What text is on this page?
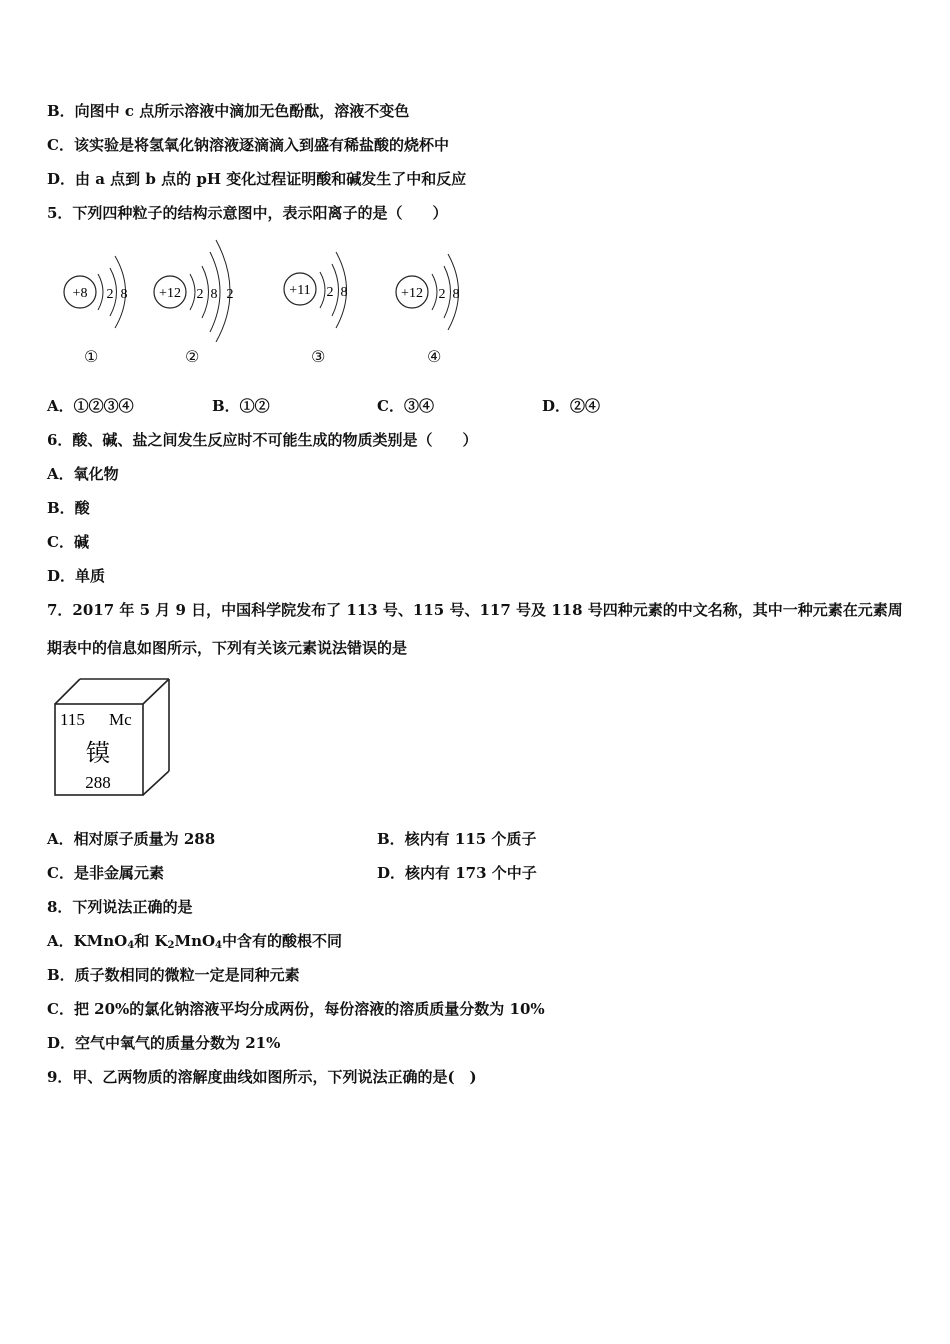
B．向图中 c 点所示溶液中滴加无色酚酞，溶液不变色
C．该实验是将氢氧化钠溶液逐滴滴入到盛有稀盐酸的烧杯中
D．由 a 点到 b 点的 pH 变化过程证明酸和碱发生了中和反应
5．下列四种粒子的结构示意图中，表示阳离子的是（　　）
+8 2 8 +12 2 8 2	+11 2 8	+12 2 8
①	②	③	④
A．①②③④	B．①②	C．③④	D．②④
6．酸、碱、盐之间发生反应时不可能生成的物质类别是（　　）
A．氧化物
B．酸
C．碱
D．单质
7．2017 年 5 月 9 日，中国科学院发布了 113 号、115 号、117 号及 118 号四种元素的中文名称，其中一种元素在元素周
期表中的信息如图所示，下列有关该元素说法错误的是
115 Mc
镆
288
A．相对原子质量为 288	B．核内有 115 个质子
C．是非金属元素	D．核内有 173 个中子
8．下列说法正确的是
A．KMnO$_4$和 $K_2MnO_4$中含有的酸根不同
B．质子数相同的微粒一定是同种元素
C．把 20%的氯化钠溶液平均分成两份，每份溶液的溶质质量分数为 10%
D．空气中氧气的质量分数为 21%
9．甲、乙两物质的溶解度曲线如图所示，下列说法正确的是(　)
